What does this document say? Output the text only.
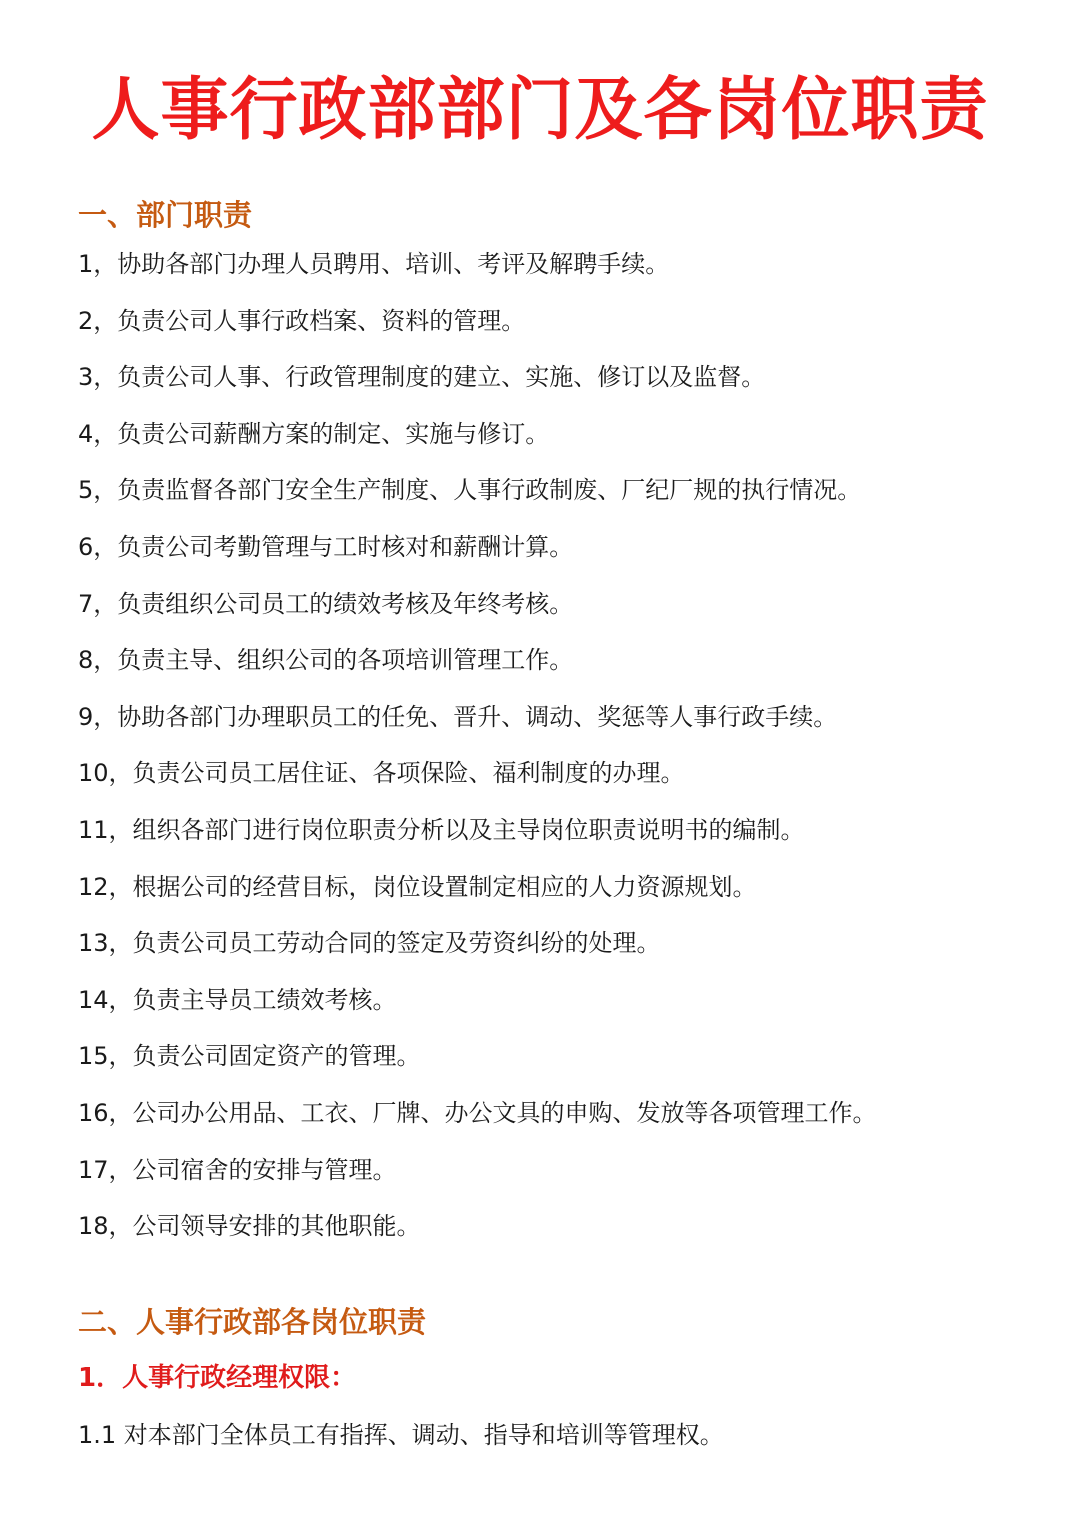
人事行政部部门及各岗位职责
一、部门职责
1，协助各部门办理人员聘用、培训、考评及解聘手续。
2，负责公司人事行政档案、资料的管理。
3，负责公司人事、行政管理制度的建立、实施、修订以及监督。
4，负责公司薪酬方案的制定、实施与修订。
5，负责监督各部门安全生产制度、人事行政制废、厂纪厂规的执行情况。
6，负责公司考勤管理与工时核对和薪酬计算。
7，负责组织公司员工的绩效考核及年终考核。
8，负责主导、组织公司的各项培训管理工作。
9，协助各部门办理职员工的任免、晋升、调动、奖惩等人事行政手续。
10，负责公司员工居住证、各项保险、福利制度的办理。
11，组织各部门进行岗位职责分析以及主导岗位职责说明书的编制。
12，根据公司的经营目标，岗位设置制定相应的人力资源规划。
13，负责公司员工劳动合同的签定及劳资纠纷的处理。
14，负责主导员工绩效考核。
15，负责公司固定资产的管理。
16，公司办公用品、工衣、厂牌、办公文具的申购、发放等各项管理工作。
17，公司宿舍的安排与管理。
18，公司领导安排的其他职能。
二、人事行政部各岗位职责
1．人事行政经理权限：
1.1 对本部门全体员工有指挥、调动、指导和培训等管理权。
